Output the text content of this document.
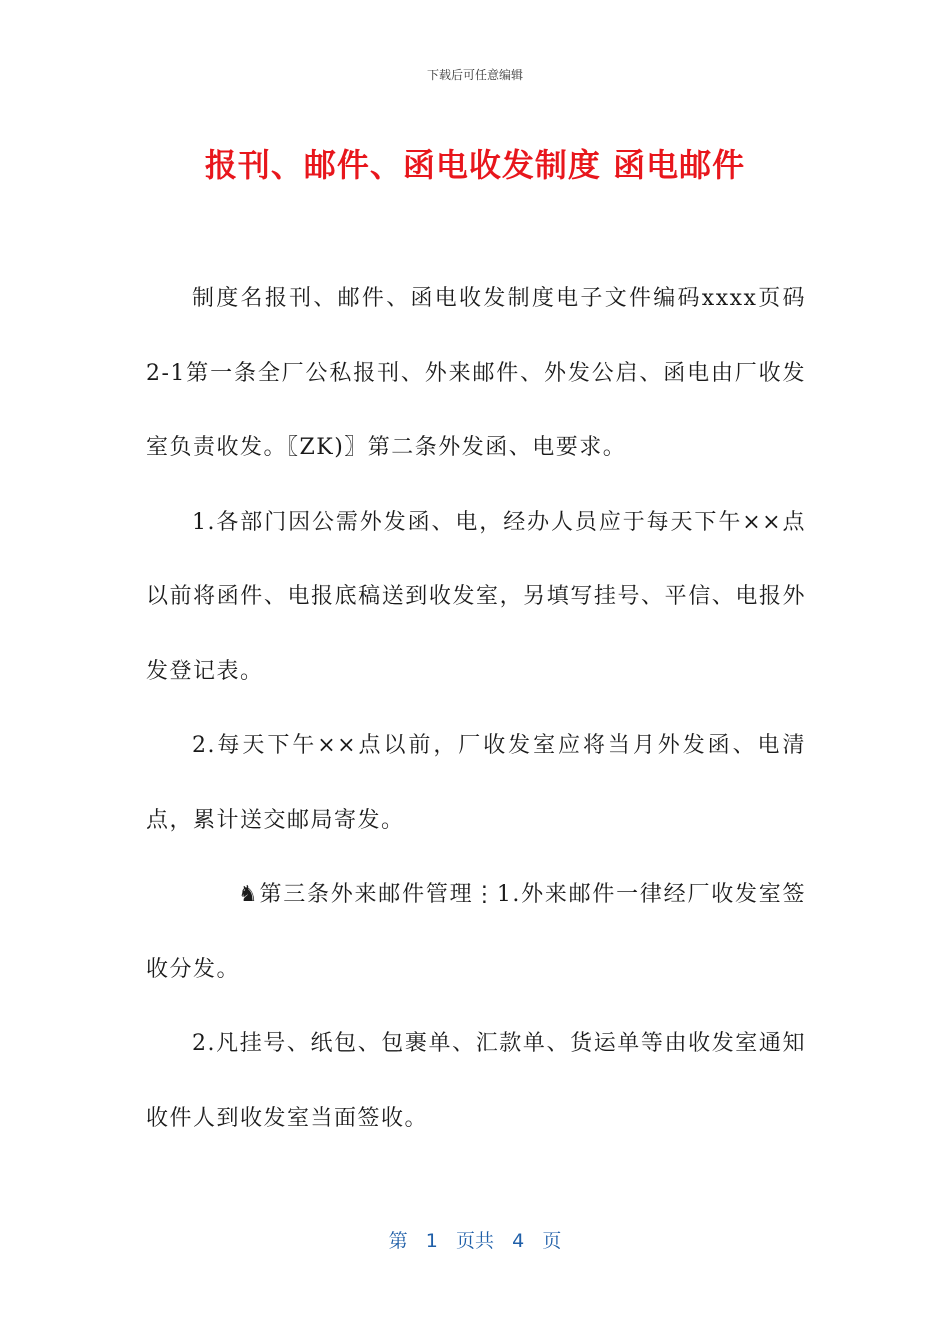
下载后可任意编辑
报刊、邮件、函电收发制度 函电邮件

制度名报刊、邮件、函电收发制度电子文件编码xxxx页码2-1第一条全厂公私报刊、外来邮件、外发公启、函电由厂收发室负责收发。〖ZK)〗第二条外发函、电要求。

1.各部门因公需外发函、电，经办人员应于每天下午××点以前将函件、电报底稿送到收发室，另填写挂号、平信、电报外发登记表。

2.每天下午××点以前，厂收发室应将当月外发函、电清点，累计送交邮局寄发。

♞第三条外来邮件管理⋮1.外来邮件一律经厂收发室签收分发。

2.凡挂号、纸包、包裹单、汇款单、货运单等由收发室通知收件人到收发室当面签收。

第 1 页共 4 页
